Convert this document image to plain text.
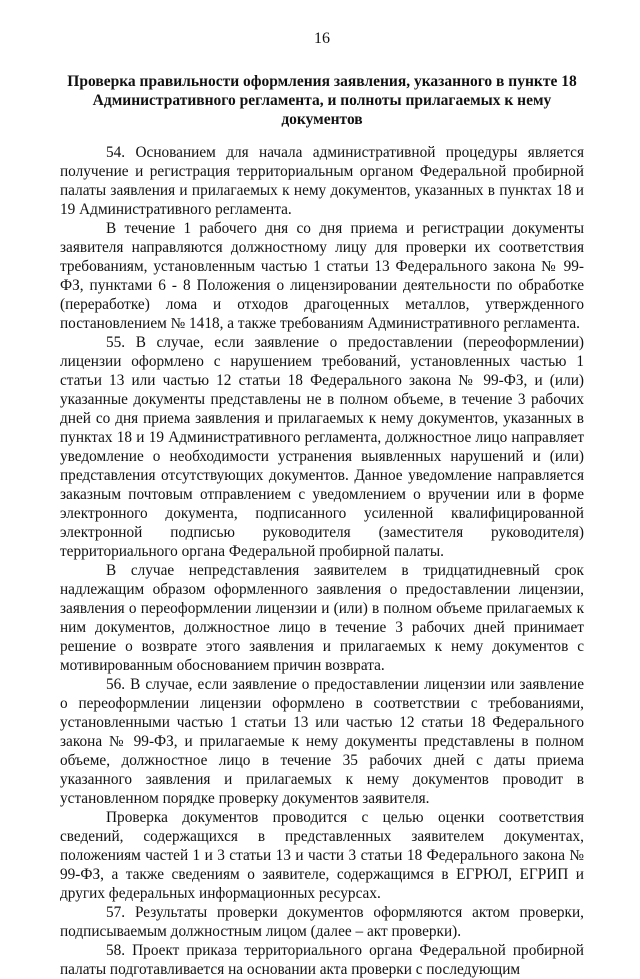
16
Проверка правильности оформления заявления, указанного в пункте 18 Административного регламента, и полноты прилагаемых к нему документов

54. Основанием для начала административной процедуры является получение и регистрация территориальным органом Федеральной пробирной палаты заявления и прилагаемых к нему документов, указанных в пунктах 18 и 19 Административного регламента.

В течение 1 рабочего дня со дня приема и регистрации документы заявителя направляются должностному лицу для проверки их соответствия требованиям, установленным частью 1 статьи 13 Федерального закона № 99-ФЗ, пунктами 6 - 8 Положения о лицензировании деятельности по обработке (переработке) лома и отходов драгоценных металлов, утвержденного постановлением № 1418, а также требованиям Административного регламента.

55. В случае, если заявление о предоставлении (переоформлении) лицензии оформлено с нарушением требований, установленных частью 1 статьи 13 или частью 12 статьи 18 Федерального закона № 99-ФЗ, и (или) указанные документы представлены не в полном объеме, в течение 3 рабочих дней со дня приема заявления и прилагаемых к нему документов, указанных в пунктах 18 и 19 Административного регламента, должностное лицо направляет уведомление о необходимости устранения выявленных нарушений и (или) представления отсутствующих документов. Данное уведомление направляется заказным почтовым отправлением с уведомлением о вручении или в форме электронного документа, подписанного усиленной квалифицированной электронной подписью руководителя (заместителя руководителя) территориального органа Федеральной пробирной палаты.

В случае непредставления заявителем в тридцатидневный срок надлежащим образом оформленного заявления о предоставлении лицензии, заявления о переоформлении лицензии и (или) в полном объеме прилагаемых к ним документов, должностное лицо в течение 3 рабочих дней принимает решение о возврате этого заявления и прилагаемых к нему документов с мотивированным обоснованием причин возврата.

56. В случае, если заявление о предоставлении лицензии или заявление о переоформлении лицензии оформлено в соответствии с требованиями, установленными частью 1 статьи 13 или частью 12 статьи 18 Федерального закона № 99-ФЗ, и прилагаемые к нему документы представлены в полном объеме, должностное лицо в течение 35 рабочих дней с даты приема указанного заявления и прилагаемых к нему документов проводит в установленном порядке проверку документов заявителя.

Проверка документов проводится с целью оценки соответствия сведений, содержащихся в представленных заявителем документах, положениям частей 1 и 3 статьи 13 и части 3 статьи 18 Федерального закона № 99-ФЗ, а также сведениям о заявителе, содержащимся в ЕГРЮЛ, ЕГРИП и других федеральных информационных ресурсах.

57. Результаты проверки документов оформляются актом проверки, подписываемым должностным лицом (далее – акт проверки).

58. Проект приказа территориального органа Федеральной пробирной палаты подготавливается на основании акта проверки с последующим
